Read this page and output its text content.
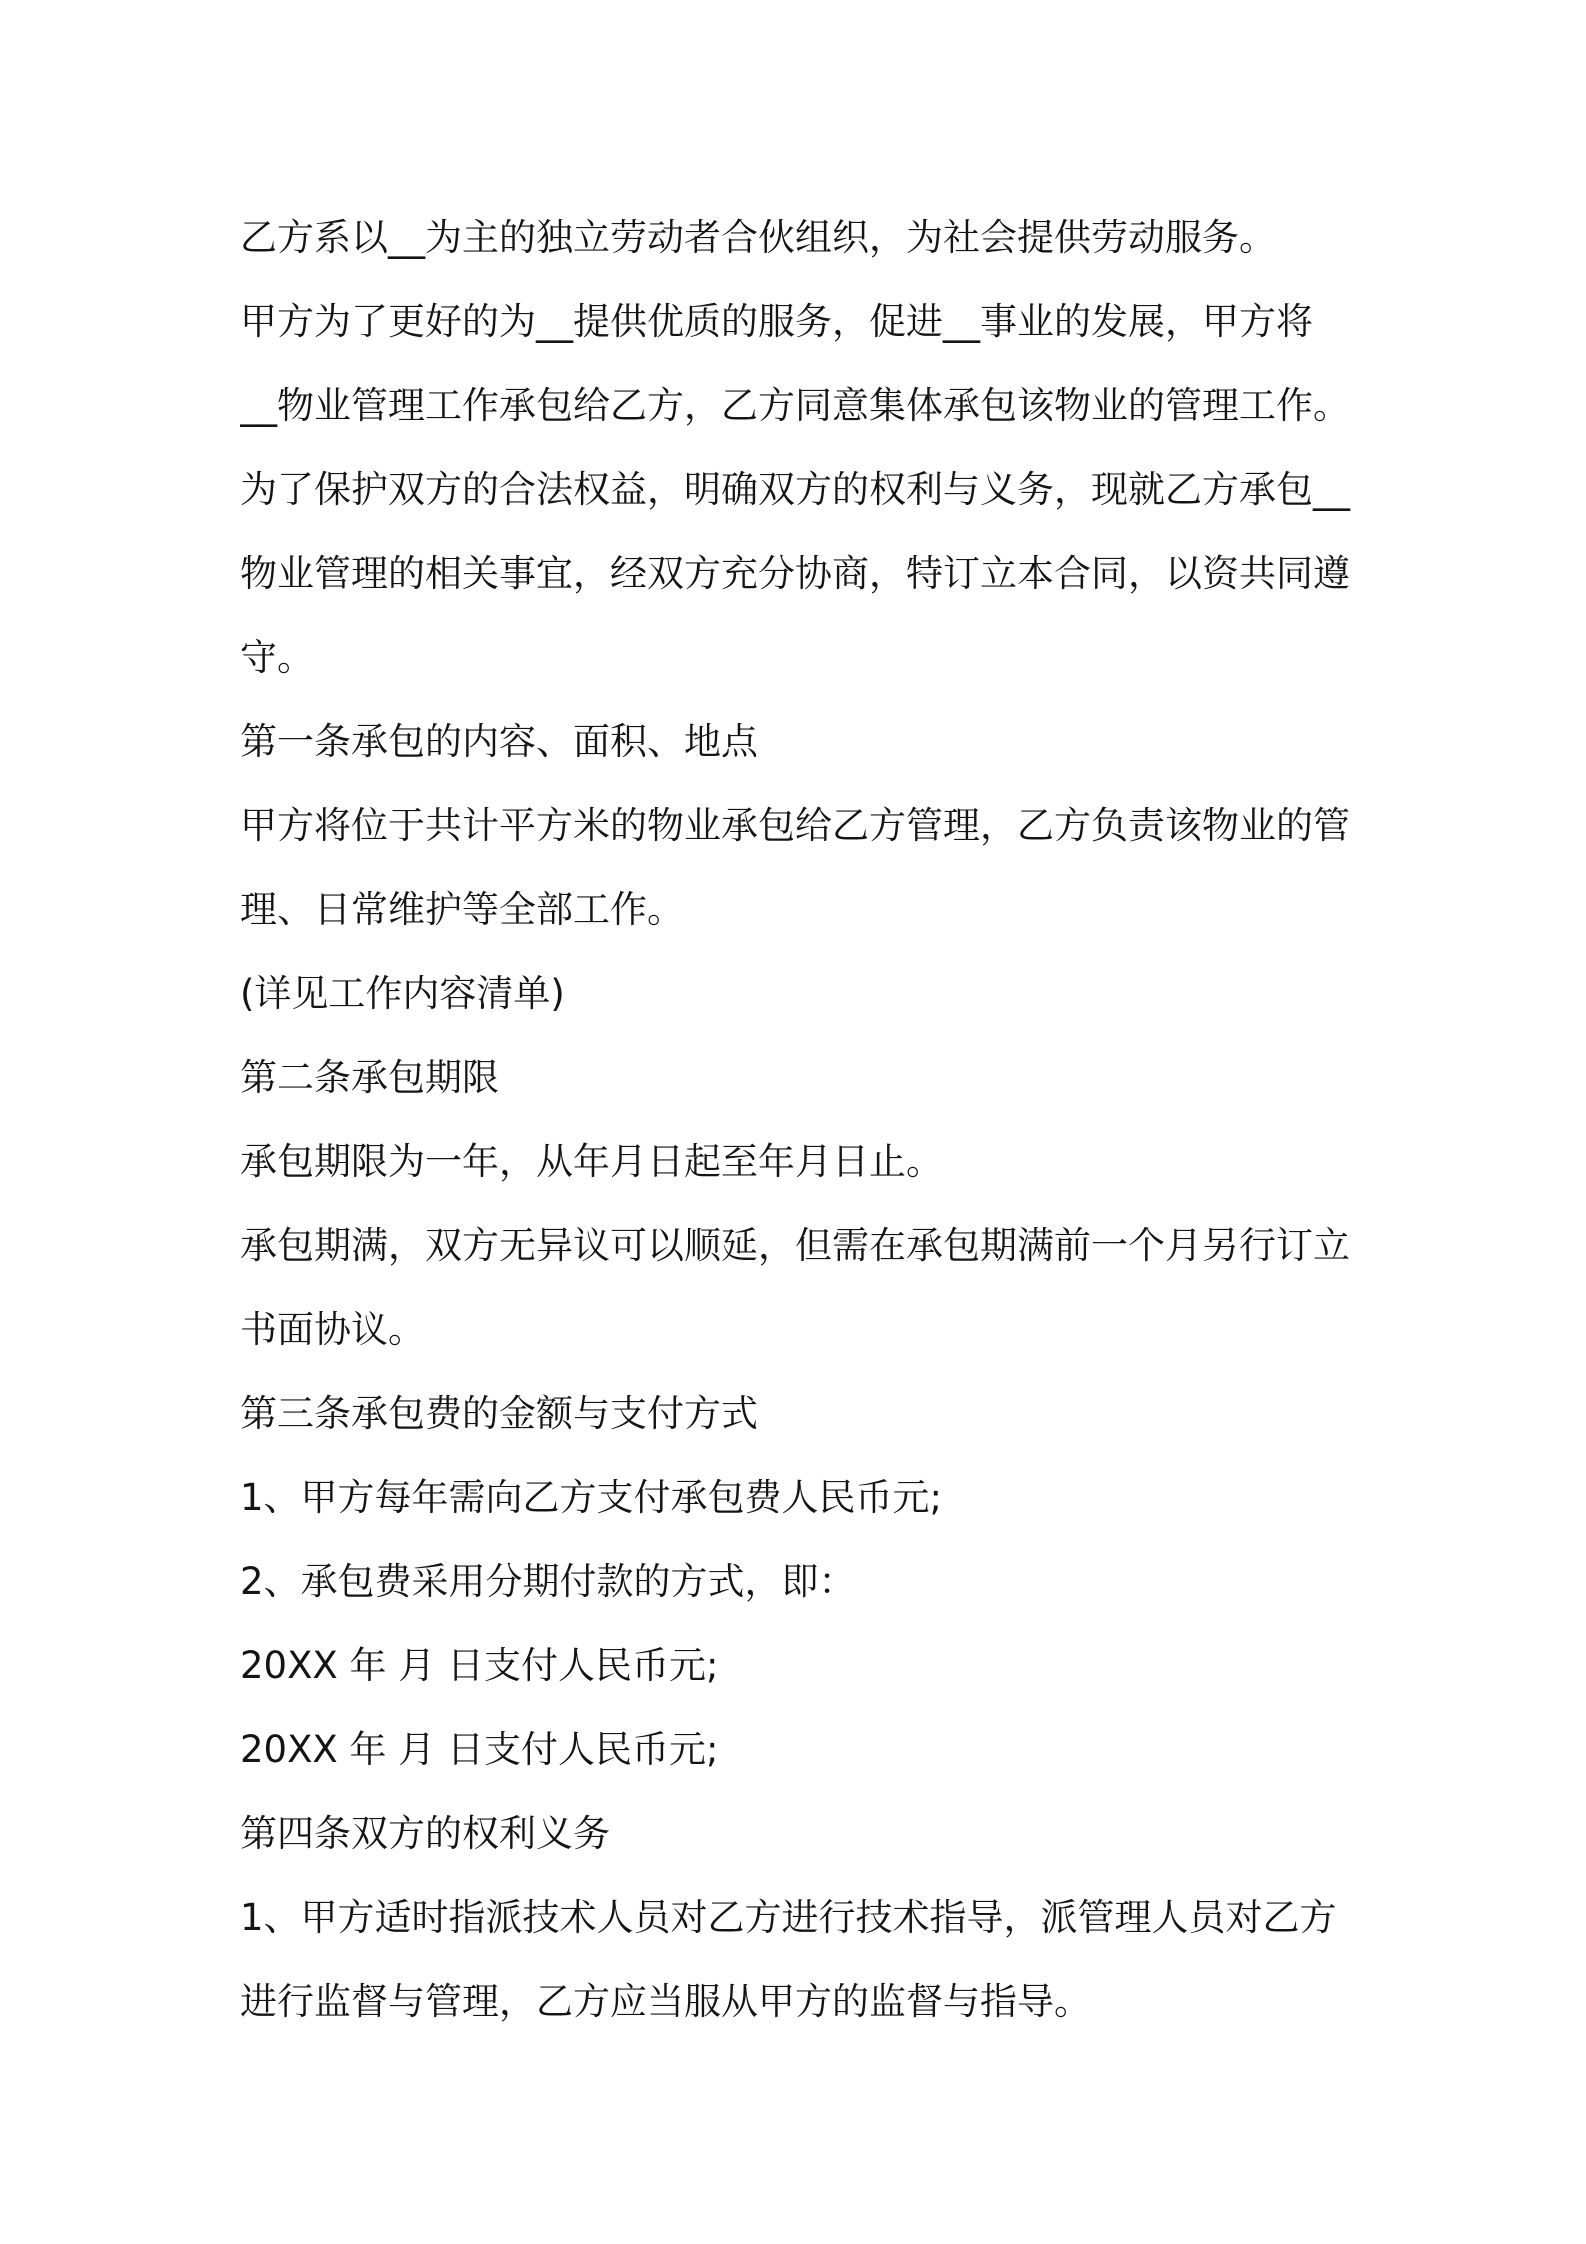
乙方系以__为主的独立劳动者合伙组织，为社会提供劳动服务。
甲方为了更好的为__提供优质的服务，促进__事业的发展，甲方将
__物业管理工作承包给乙方，乙方同意集体承包该物业的管理工作。
为了保护双方的合法权益，明确双方的权利与义务，现就乙方承包__
物业管理的相关事宜，经双方充分协商，特订立本合同，以资共同遵
守。
第一条承包的内容、面积、地点
甲方将位于共计平方米的物业承包给乙方管理，乙方负责该物业的管
理、日常维护等全部工作。
(详见工作内容清单)
第二条承包期限
承包期限为一年，从年月日起至年月日止。
承包期满，双方无异议可以顺延，但需在承包期满前一个月另行订立
书面协议。
第三条承包费的金额与支付方式
1、甲方每年需向乙方支付承包费人民币元;
2、承包费采用分期付款的方式，即：
20XX 年 月 日支付人民币元;
20XX 年 月 日支付人民币元;
第四条双方的权利义务
1、甲方适时指派技术人员对乙方进行技术指导，派管理人员对乙方
进行监督与管理，乙方应当服从甲方的监督与指导。
